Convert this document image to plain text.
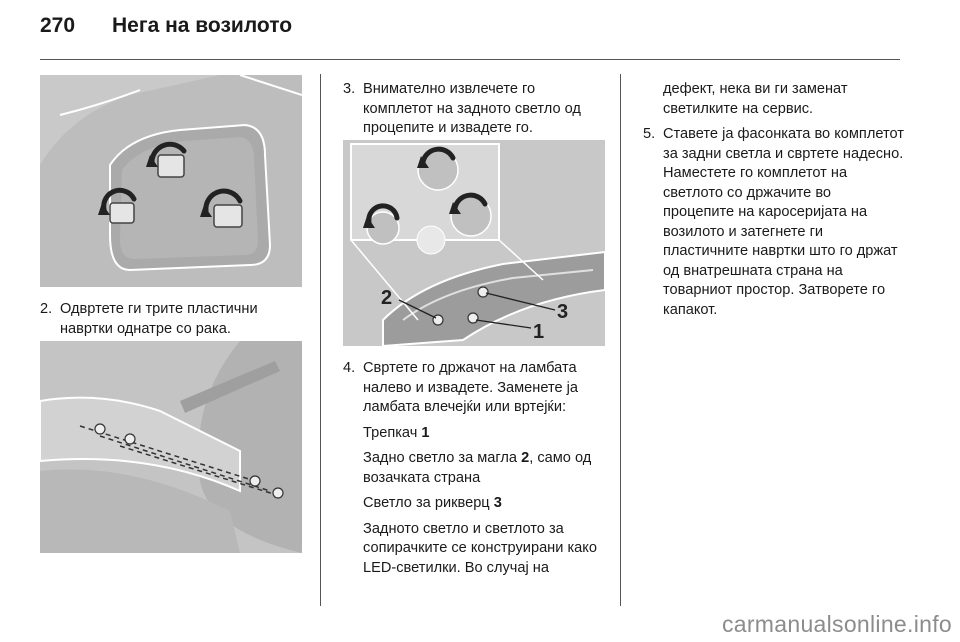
270	Нега на возилото
2. Одвртете ги трите пластични навртки однатре со рака.
3. Внимателно извлечете го комплетот на задното светло од процепите и извадете го.
2
3
1
4. Свртете го држачот на ламбата налево и извадете. Заменете ја ламбата влечејќи или вртејќи:
Трепкач 1
Задно светло за магла 2, само од возачката страна
Светло за рикверц 3
Задното светло и светлото за сопирачките се конструирани како LED-светилки. Во случај на
дефект, нека ви ги заменат светилките на сервис.
5. Ставете ја фасонката во комплетот за задни светла и свртете надесно. Наместете го комплетот на светлото со држачите во процепите на каросеријата на возилото и затегнете ги пластичните навртки што го држат од внатрешната страна на товарниот простор. Затворете го капакот.
carmanualsonline.info
